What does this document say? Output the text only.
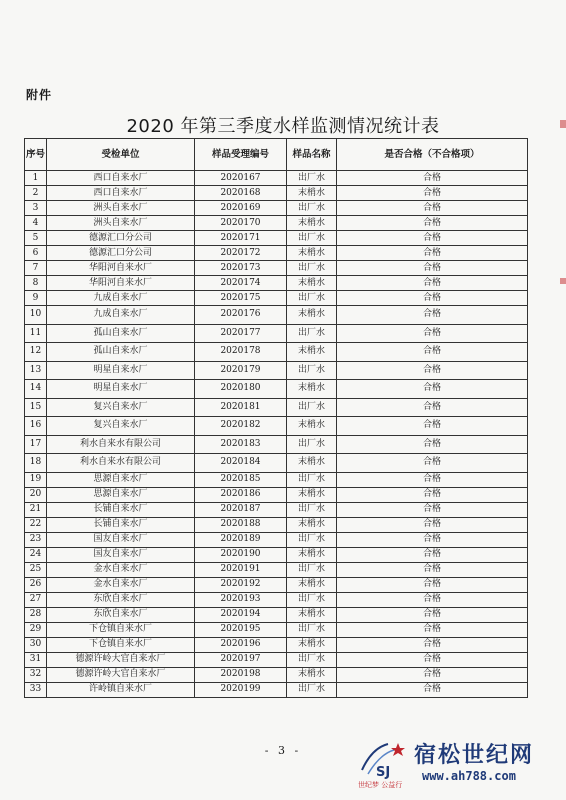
附件
2020 年第三季度水样监测情况统计表
序号	受检单位	样品受理编号	样品名称	是否合格（不合格项）
1	西口自来水厂	2020167	出厂水	合格
2	西口自来水厂	2020168	末梢水	合格
3	洲头自来水厂	2020169	出厂水	合格
4	洲头自来水厂	2020170	末梢水	合格
5	德源汇口分公司	2020171	出厂水	合格
6	德源汇口分公司	2020172	末梢水	合格
7	华阳河自来水厂	2020173	出厂水	合格
8	华阳河自来水厂	2020174	末梢水	合格
9	九成自来水厂	2020175	出厂水	合格
10	九成自来水厂	2020176	末梢水	合格
11	孤山自来水厂	2020177	出厂水	合格
12	孤山自来水厂	2020178	末梢水	合格
13	明星自来水厂	2020179	出厂水	合格
14	明星自来水厂	2020180	末梢水	合格
15	复兴自来水厂	2020181	出厂水	合格
16	复兴自来水厂	2020182	末梢水	合格
17	利水自来水有限公司	2020183	出厂水	合格
18	利水自来水有限公司	2020184	末梢水	合格
19	思源自来水厂	2020185	出厂水	合格
20	思源自来水厂	2020186	末梢水	合格
21	长铺自来水厂	2020187	出厂水	合格
22	长铺自来水厂	2020188	末梢水	合格
23	国友自来水厂	2020189	出厂水	合格
24	国友自来水厂	2020190	末梢水	合格
25	金水自来水厂	2020191	出厂水	合格
26	金水自来水厂	2020192	末梢水	合格
27	东欣自来水厂	2020193	出厂水	合格
28	东欣自来水厂	2020194	末梢水	合格
29	下仓镇自来水厂	2020195	出厂水	合格
30	下仓镇自来水厂	2020196	末梢水	合格
31	德源许岭大官自来水厂	2020197	出厂水	合格
32	德源许岭大官自来水厂	2020198	末梢水	合格
33	许岭镇自来水厂	2020199	出厂水	合格
- 3 -
SJ
宿松世纪网
www.ah788.com
世纪梦 公益行
